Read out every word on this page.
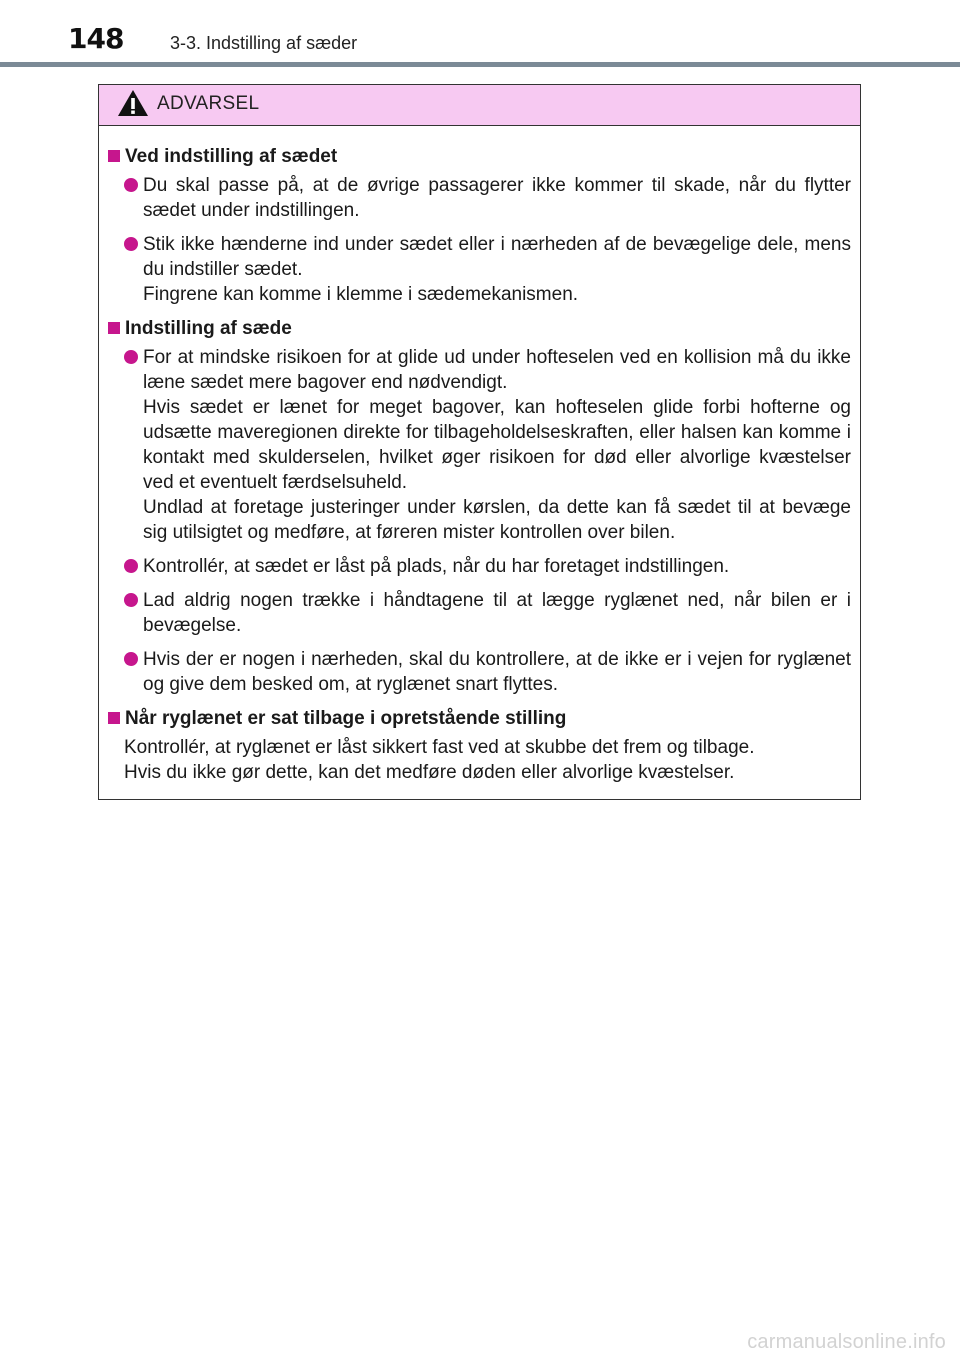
148	3-3. Indstilling af sæder
ADVARSEL
Ved indstilling af sædet

Du skal passe på, at de øvrige passagerer ikke kommer til skade, når du flytter sædet under indstillingen.

Stik ikke hænderne ind under sædet eller i nærheden af de bevægelige dele, mens du indstiller sædet.

Fingrene kan komme i klemme i sædemekanismen.

Indstilling af sæde

For at mindske risikoen for at glide ud under hofteselen ved en kollision må du ikke læne sædet mere bagover end nødvendigt.

Hvis sædet er lænet for meget bagover, kan hofteselen glide forbi hofterne og udsætte maveregionen direkte for tilbageholdelseskraften, eller halsen kan komme i kontakt med skulderselen, hvilket øger risikoen for død eller alvorlige kvæstelser ved et eventuelt færdselsuheld.

Undlad at foretage justeringer under kørslen, da dette kan få sædet til at bevæge sig utilsigtet og medføre, at føreren mister kontrollen over bilen.

Kontrollér, at sædet er låst på plads, når du har foretaget indstillingen.

Lad aldrig nogen trække i håndtagene til at lægge ryglænet ned, når bilen er i bevægelse.

Hvis der er nogen i nærheden, skal du kontrollere, at de ikke er i vejen for ryglænet og give dem besked om, at ryglænet snart flyttes.

Når ryglænet er sat tilbage i opretstående stilling

Kontrollér, at ryglænet er låst sikkert fast ved at skubbe det frem og tilbage.

Hvis du ikke gør dette, kan det medføre døden eller alvorlige kvæstelser.

carmanualsonline.info
